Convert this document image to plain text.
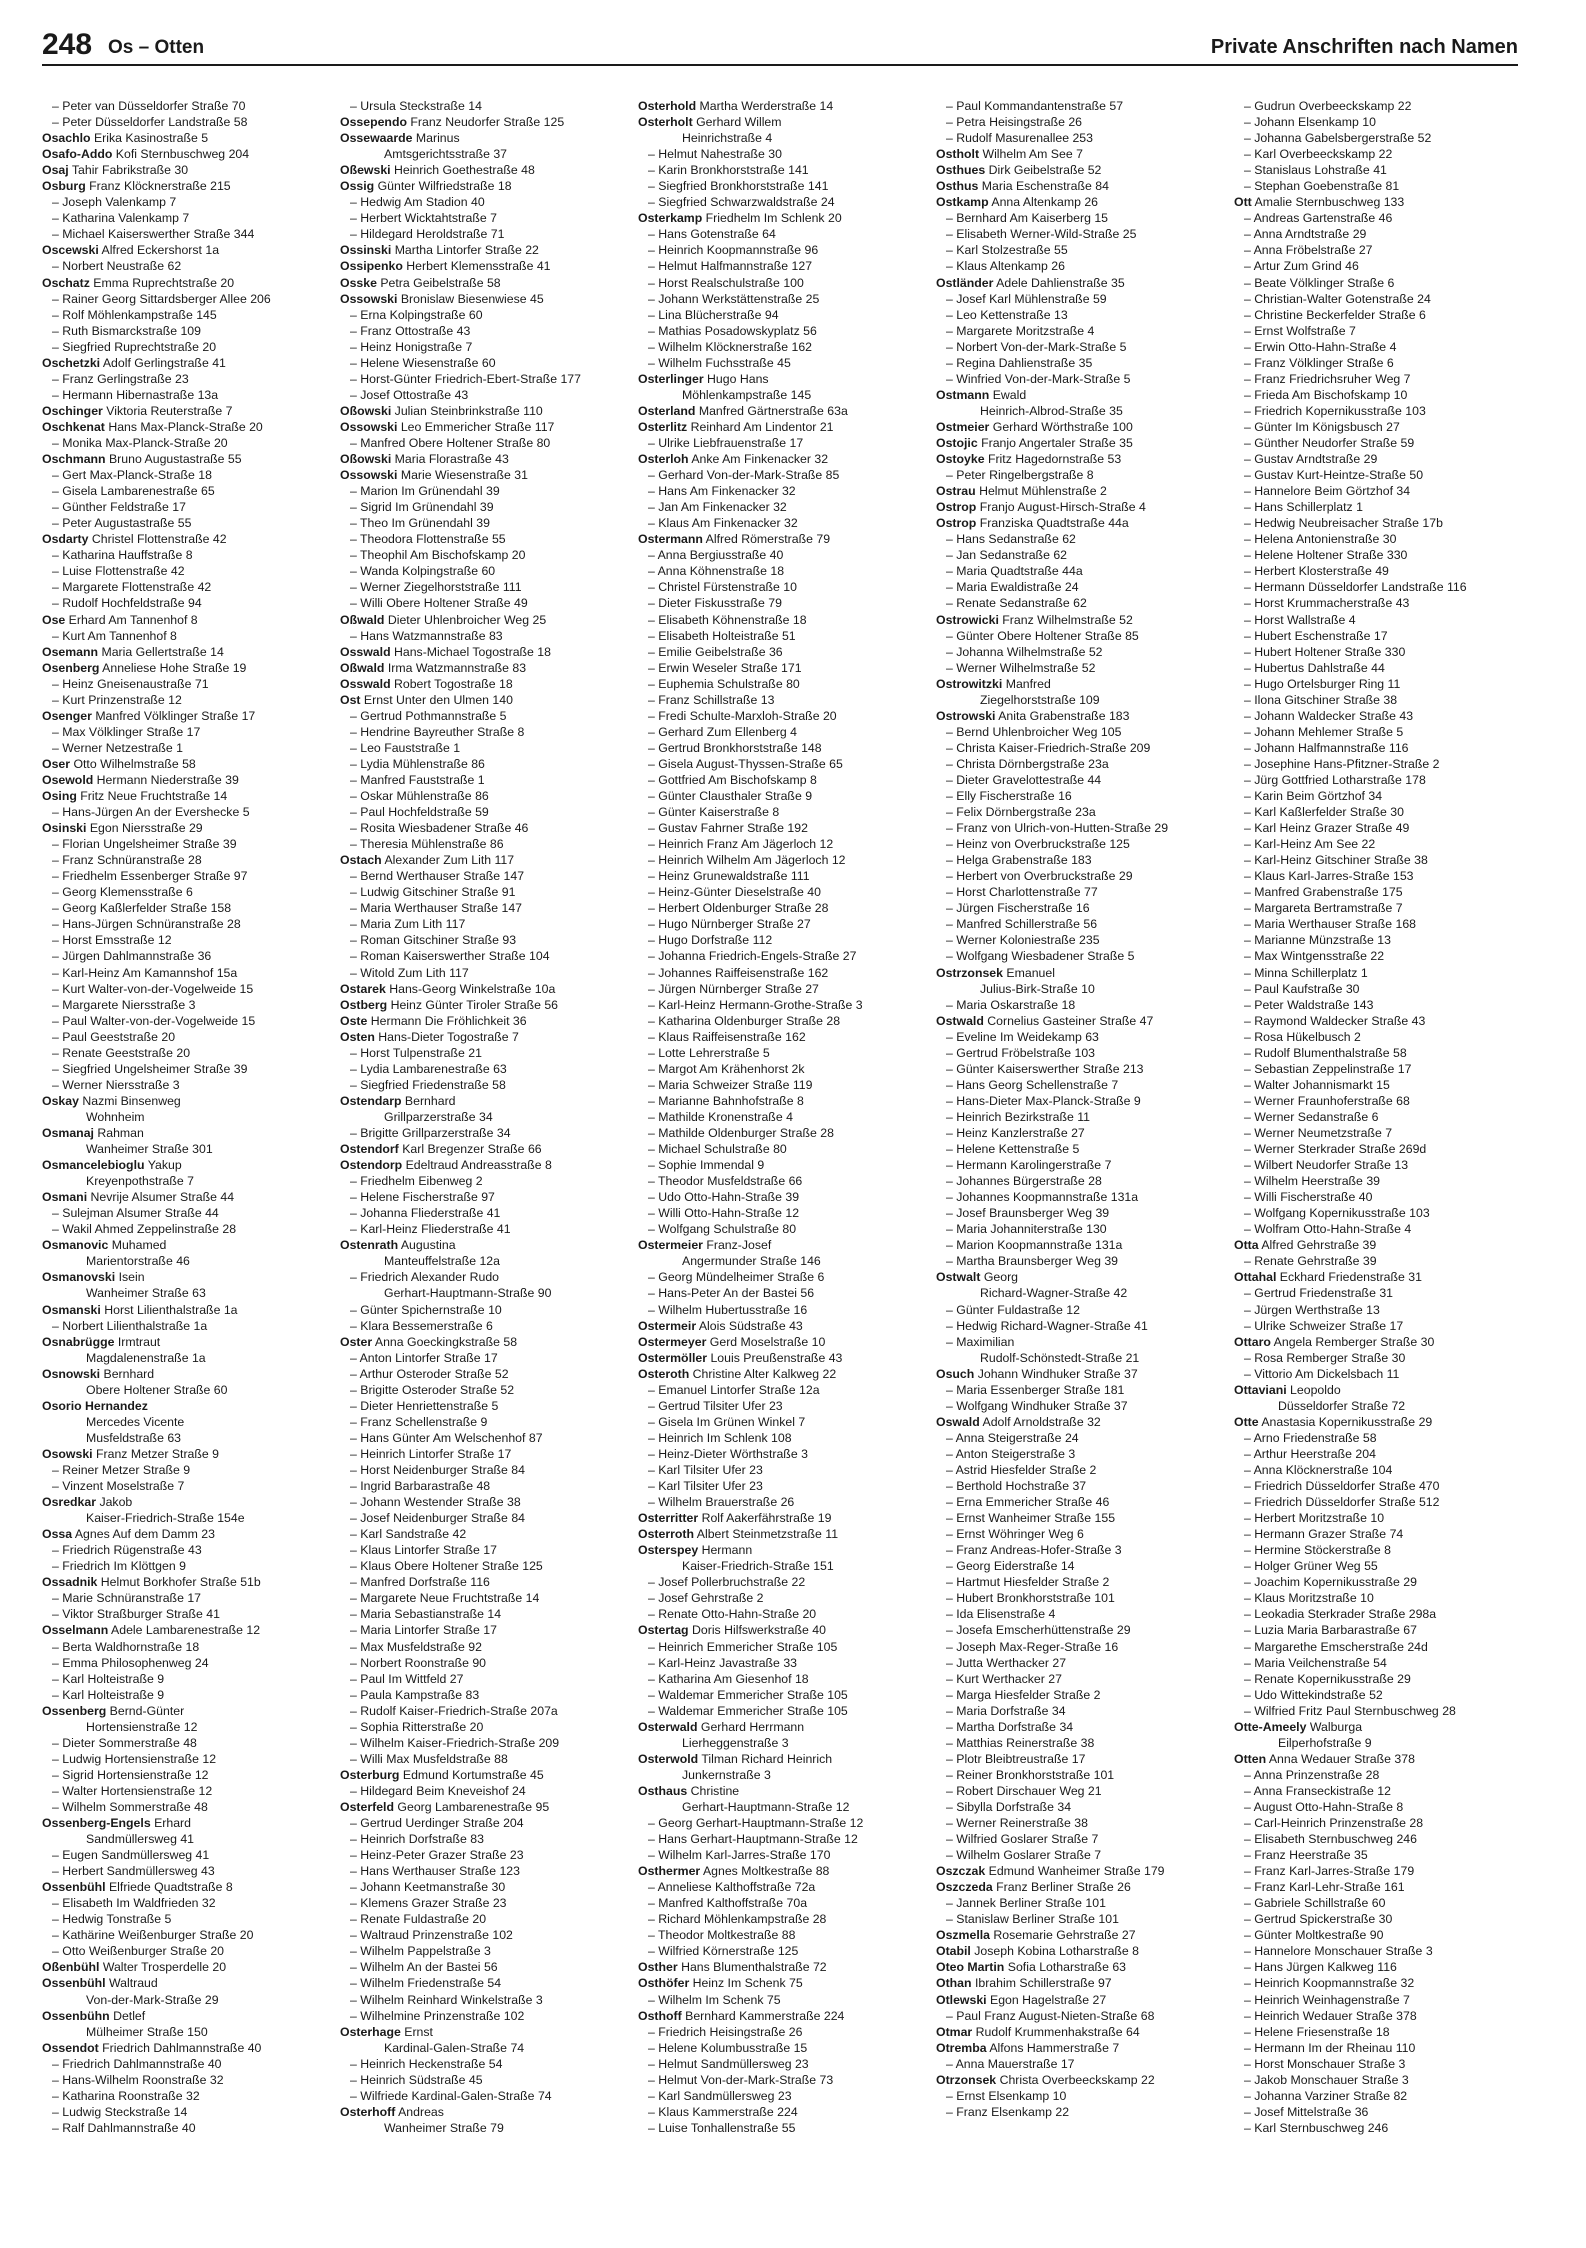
248 Os – Otten	Private Anschriften nach Namen
– Peter van Düsseldorfer Straße 70
– Peter Düsseldorfer Landstraße 58
Osachlo Erika Kasinostraße 5
Osafo-Addo Kofi Sternbuschweg 204
Osaj Tahir Fabrikstraße 30
Osburg Franz Klöcknerstraße 215
– Joseph Valenkamp 7
– Katharina Valenkamp 7
– Michael Kaiserswerther Straße 344
Oscewski Alfred Eckershorst 1a
– Norbert Neustraße 62
Oschatz Emma Ruprechtstraße 20
– Rainer Georg Sittardsberger Allee 206
– Rolf Möhlenkampstraße 145
– Ruth Bismarckstraße 109
– Siegfried Ruprechtstraße 20
Oschetzki Adolf Gerlingstraße 41
– Franz Gerlingstraße 23
– Hermann Hibernastraße 13a
Oschinger Viktoria Reuterstraße 7
Oschkenat Hans Max-Planck-Straße 20
– Monika Max-Planck-Straße 20
Oschmann Bruno Augustastraße 55
– Gert Max-Planck-Straße 18
– Gisela Lambarenestraße 65
– Günther Feldstraße 17
– Peter Augustastraße 55
Osdarty Christel Flottenstraße 42
– Katharina Hauffstraße 8
– Luise Flottenstraße 42
– Margarete Flottenstraße 42
– Rudolf Hochfeldstraße 94
Ose Erhard Am Tannenhof 8
– Kurt Am Tannenhof 8
Osemann Maria Gellertstraße 14
Osenberg Anneliese Hohe Straße 19
– Heinz Gneisenaustraße 71
– Kurt Prinzenstraße 12
Osenger Manfred Völklinger Straße 17
– Max Völklinger Straße 17
– Werner Netzestraße 1
Oser Otto Wilhelmstraße 58
Osewold Hermann Niederstraße 39
Osing Fritz Neue Fruchtstraße 14
– Hans-Jürgen An der Evershecke 5
Osinski Egon Niersstraße 29
– Florian Ungelsheimer Straße 39
– Franz Schnüranstraße 28
– Friedhelm Essenberger Straße 97
– Georg Klemensstraße 6
– Georg Kaßlerfelder Straße 158
– Hans-Jürgen Schnüranstraße 28
– Horst Emsstraße 12
– Jürgen Dahlmannstraße 36
– Karl-Heinz Am Kamannshof 15a
– Kurt Walter-von-der-Vogelweide 15
– Margarete Niersstraße 3
– Paul Walter-von-der-Vogelweide 15
– Paul Geeststraße 20
– Renate Geeststraße 20
– Siegfried Ungelsheimer Straße 39
– Werner Niersstraße 3
Oskay Nazmi Binsenweg
Wohnheim
Osmanaj Rahman
Wanheimer Straße 301
Osmancelebioglu Yakup
Kreyenpothstraße 7
Osmani Nevrije Alsumer Straße 44
– Sulejman Alsumer Straße 44
– Wakil Ahmed Zeppelinstraße 28
Osmanovic Muhamed
Marientorstraße 46
Osmanovski Isein
Wanheimer Straße 63
Osmanski Horst Lilienthalstraße 1a
– Norbert Lilienthalstraße 1a
Osnabrügge Irmtraut
Magdalenenstraße 1a
Osnowski Bernhard
Obere Holtener Straße 60
Osorio Hernandez
Mercedes Vicente
Musfeldstraße 63
Osowski Franz Metzer Straße 9
– Reiner Metzer Straße 9
– Vinzent Moselstraße 7
Osredkar Jakob
Kaiser-Friedrich-Straße 154e
Ossa Agnes Auf dem Damm 23
– Friedrich Rügenstraße 43
– Friedrich Im Klöttgen 9
Ossadnik Helmut Borkhofer Straße 51b
– Marie Schnüranstraße 17
– Viktor Straßburger Straße 41
Osselmann Adele Lambarenestraße 12
– Berta Waldhornstraße 18
– Emma Philosophenweg 24
– Karl Holteistraße 9
– Karl Holteistraße 9
Ossenberg Bernd-Günter
Hortensienstraße 12
– Dieter Sommerstraße 48
– Ludwig Hortensienstraße 12
– Sigrid Hortensienstraße 12
– Walter Hortensienstraße 12
– Wilhelm Sommerstraße 48
Ossenberg-Engels Erhard
Sandmüllersweg 41
– Eugen Sandmüllersweg 41
– Herbert Sandmüllersweg 43
Ossenbühl Elfriede Quadtstraße 8
– Elisabeth Im Waldfrieden 32
– Hedwig Tonstraße 5
– Kathärine Weißenburger Straße 20
– Otto Weißenburger Straße 20
Oßenbühl Walter Trosperdelle 20
Ossenbühl Waltraud
Von-der-Mark-Straße 29
Ossenbühn Detlef
Mülheimer Straße 150
Ossendot Friedrich Dahlmannstraße 40
– Friedrich Dahlmannstraße 40
– Hans-Wilhelm Roonstraße 32
– Katharina Roonstraße 32
– Ludwig Steckstraße 14
– Ralf Dahlmannstraße 40
– Ursula Steckstraße 14
Ossependo Franz Neudorfer Straße 125
Ossewaarde Marinus
Amtsgerichtsstraße 37
Oßewski Heinrich Goethestraße 48
Ossig Günter Wilfriedstraße 18
– Hedwig Am Stadion 40
– Herbert Wicktahtstraße 7
– Hildegard Heroldstraße 71
Ossinski Martha Lintorfer Straße 22
Ossipenko Herbert Klemensstraße 41
Osske Petra Geibelstraße 58
Ossowski Bronislaw Biesenwiese 45
– Erna Kolpingstraße 60
– Franz Ottostraße 43
– Heinz Honigstraße 7
– Helene Wiesenstraße 60
– Horst-Günter Friedrich-Ebert-Straße 177
– Josef Ottostraße 43
Oßowski Julian Steinbrinkstraße 110
Ossowski Leo Emmericher Straße 117
– Manfred Obere Holtener Straße 80
Oßowski Maria Florastraße 43
Ossowski Marie Wiesenstraße 31
– Marion Im Grünendahl 39
– Sigrid Im Grünendahl 39
– Theo Im Grünendahl 39
– Theodora Flottenstraße 55
– Theophil Am Bischofskamp 20
– Wanda Kolpingstraße 60
– Werner Ziegelhorststraße 111
– Willi Obere Holtener Straße 49
Oßwald Dieter Uhlenbroicher Weg 25
– Hans Watzmannstraße 83
Osswald Hans-Michael Togostraße 18
Oßwald Irma Watzmannstraße 83
Osswald Robert Togostraße 18
Ost Ernst Unter den Ulmen 140
– Gertrud Pothmannstraße 5
– Hendrine Bayreuther Straße 8
– Leo Fauststraße 1
– Lydia Mühlenstraße 86
– Manfred Fauststraße 1
– Oskar Mühlenstraße 86
– Paul Hochfeldstraße 59
– Rosita Wiesbadener Straße 46
– Theresia Mühlenstraße 86
Ostach Alexander Zum Lith 117
– Bernd Werthauser Straße 147
– Ludwig Gitschiner Straße 91
– Maria Werthauser Straße 147
– Maria Zum Lith 117
– Roman Gitschiner Straße 93
– Roman Kaiserswerther Straße 104
– Witold Zum Lith 117
Ostarek Hans-Georg Winkelstraße 10a
Ostberg Heinz Günter Tiroler Straße 56
Oste Hermann Die Fröhlichkeit 36
Osten Hans-Dieter Togostraße 7
– Horst Tulpenstraße 21
– Lydia Lambarenestraße 63
– Siegfried Friedenstraße 58
Ostendarp Bernhard
Grillparzerstraße 34
– Brigitte Grillparzerstraße 34
Ostendorf Karl Bregenzer Straße 66
Ostendorp Edeltraud Andreasstraße 8
– Friedhelm Eibenweg 2
– Helene Fischerstraße 97
– Johanna Fliederstraße 41
– Karl-Heinz Fliederstraße 41
Ostenrath Augustina
Manteuffelstraße 12a
– Friedrich Alexander Rudo
Gerhart-Hauptmann-Straße 90
– Günter Spichernstraße 10
– Klara Bessemerstraße 6
Oster Anna Goeckingkstraße 58
– Anton Lintorfer Straße 17
– Arthur Osteroder Straße 52
– Brigitte Osteroder Straße 52
– Dieter Henriettenstraße 5
– Franz Schellenstraße 9
– Hans Günter Am Welschenhof 87
– Heinrich Lintorfer Straße 17
– Horst Neidenburger Straße 84
– Ingrid Barbarastraße 48
– Johann Westender Straße 38
– Josef Neidenburger Straße 84
– Karl Sandstraße 42
– Klaus Lintorfer Straße 17
– Klaus Obere Holtener Straße 125
– Manfred Dorfstraße 116
– Margarete Neue Fruchtstraße 14
– Maria Sebastianstraße 14
– Maria Lintorfer Straße 17
– Max Musfeldstraße 92
– Norbert Roonstraße 90
– Paul Im Wittfeld 27
– Paula Kampstraße 83
– Rudolf Kaiser-Friedrich-Straße 207a
– Sophia Ritterstraße 20
– Wilhelm Kaiser-Friedrich-Straße 209
– Willi Max Musfeldstraße 88
Osterburg Edmund Kortumstraße 45
– Hildegard Beim Kneveishof 24
Osterfeld Georg Lambarenestraße 95
– Gertrud Uerdinger Straße 204
– Heinrich Dorfstraße 83
– Heinz-Peter Grazer Straße 23
– Hans Werthauser Straße 123
– Johann Keetmanstraße 30
– Klemens Grazer Straße 23
– Renate Fuldastraße 20
– Waltraud Prinzenstraße 102
– Wilhelm Pappelstraße 3
– Wilhelm An der Bastei 56
– Wilhelm Friedenstraße 54
– Wilhelm Reinhard Winkelstraße 3
– Wilhelmine Prinzenstraße 102
Osterhage Ernst
Kardinal-Galen-Straße 74
– Heinrich Heckenstraße 54
– Heinrich Südstraße 45
– Wilfriede Kardinal-Galen-Straße 74
Osterhoff Andreas
Wanheimer Straße 79
Osterhold Martha Werderstraße 14
Osterholt Gerhard Willem
Heinrichstraße 4
– Helmut Nahestraße 30
– Karin Bronkhorststraße 141
– Siegfried Bronkhorststraße 141
– Siegfried Schwarzwaldstraße 24
Osterkamp Friedhelm Im Schlenk 20
– Hans Gotenstraße 64
– Heinrich Koopmannstraße 96
– Helmut Halfmannstraße 127
– Horst Realschulstraße 100
– Johann Werkstättenstraße 25
– Lina Blücherstraße 94
– Mathias Posadowskyplatz 56
– Wilhelm Klöcknerstraße 162
– Wilhelm Fuchsstraße 45
Osterlinger Hugo Hans
Möhlenkampstraße 145
Osterland Manfred Gärtnerstraße 63a
Osterlitz Reinhard Am Lindentor 21
– Ulrike Liebfrauenstraße 17
Osterloh Anke Am Finkenacker 32
– Gerhard Von-der-Mark-Straße 85
– Hans Am Finkenacker 32
– Jan Am Finkenacker 32
– Klaus Am Finkenacker 32
Ostermann Alfred Römerstraße 79
– Anna Bergiusstraße 40
– Anna Köhnenstraße 18
– Christel Fürstenstraße 10
– Dieter Fiskusstraße 79
– Elisabeth Köhnenstraße 18
– Elisabeth Holteistraße 51
– Emilie Geibelstraße 36
– Erwin Weseler Straße 171
– Euphemia Schulstraße 80
– Franz Schillstraße 13
– Fredi Schulte-Marxloh-Straße 20
– Gerhard Zum Ellenberg 4
– Gertrud Bronkhorststraße 148
– Gisela August-Thyssen-Straße 65
– Gottfried Am Bischofskamp 8
– Günter Clausthaler Straße 9
– Günter Kaiserstraße 8
– Gustav Fahrner Straße 192
– Heinrich Franz Am Jägerloch 12
– Heinrich Wilhelm Am Jägerloch 12
– Heinz Grunewaldstraße 111
– Heinz-Günter Dieselstraße 40
– Herbert Oldenburger Straße 28
– Hugo Nürnberger Straße 27
– Hugo Dorfstraße 112
– Johanna Friedrich-Engels-Straße 27
– Johannes Raiffeisenstraße 162
– Jürgen Nürnberger Straße 27
– Karl-Heinz Hermann-Grothe-Straße 3
– Katharina Oldenburger Straße 28
– Klaus Raiffeisenstraße 162
– Lotte Lehrerstraße 5
– Margot Am Krähenhorst 2k
– Maria Schweizer Straße 119
– Marianne Bahnhofstraße 8
– Mathilde Kronenstraße 4
– Mathilde Oldenburger Straße 28
– Michael Schulstraße 80
– Sophie Immendal 9
– Theodor Musfeldstraße 66
– Udo Otto-Hahn-Straße 39
– Willi Otto-Hahn-Straße 12
– Wolfgang Schulstraße 80
Ostermeier Franz-Josef
Angermunder Straße 146
– Georg Mündelheimer Straße 6
– Hans-Peter An der Bastei 56
– Wilhelm Hubertusstraße 16
Ostermeir Alois Südstraße 43
Ostermeyer Gerd Moselstraße 10
Ostermöller Louis Preußenstraße 43
Osteroth Christine Alter Kalkweg 22
– Emanuel Lintorfer Straße 12a
– Gertrud Tilsiter Ufer 23
– Gisela Im Grünen Winkel 7
– Heinrich Im Schlenk 108
– Heinz-Dieter Wörthstraße 3
– Karl Tilsiter Ufer 23
– Karl Tilsiter Ufer 23
– Wilhelm Brauerstraße 26
Osterritter Rolf Aakerfährstraße 19
Osterroth Albert Steinmetzstraße 11
Osterspey Hermann
Kaiser-Friedrich-Straße 151
– Josef Pollerbruchstraße 22
– Josef Gehrstraße 2
– Renate Otto-Hahn-Straße 20
Ostertag Doris Hilfswerkstraße 40
– Heinrich Emmericher Straße 105
– Karl-Heinz Javastraße 33
– Katharina Am Giesenhof 18
– Waldemar Emmericher Straße 105
– Waldemar Emmericher Straße 105
Osterwald Gerhard Herrmann
Lierheggenstraße 3
Osterwold Tilman Richard Heinrich
Junkernstraße 3
Osthaus Christine
Gerhart-Hauptmann-Straße 12
– Georg Gerhart-Hauptmann-Straße 12
– Hans Gerhart-Hauptmann-Straße 12
– Wilhelm Karl-Jarres-Straße 170
Osthermer Agnes Moltkestraße 88
– Anneliese Kalthoffstraße 72a
– Manfred Kalthoffstraße 70a
– Richard Möhlenkampstraße 28
– Theodor Moltkestraße 88
– Wilfried Körnerstraße 125
Osther Hans Blumenthalstraße 72
Osthöfer Heinz Im Schenk 75
– Wilhelm Im Schenk 75
Osthoff Bernhard Kammerstraße 224
– Friedrich Heisingstraße 26
– Helene Kolumbusstraße 15
– Helmut Sandmüllersweg 23
– Helmut Von-der-Mark-Straße 73
– Karl Sandmüllersweg 23
– Klaus Kammerstraße 224
– Luise Tonhallenstraße 55
– Paul Kommandantenstraße 57
– Petra Heisingstraße 26
– Rudolf Masurenallee 253
Ostholt Wilhelm Am See 7
Osthues Dirk Geibelstraße 52
Osthus Maria Eschenstraße 84
Ostkamp Anna Altenkamp 26
– Bernhard Am Kaiserberg 15
– Elisabeth Werner-Wild-Straße 25
– Karl Stolzestraße 55
– Klaus Altenkamp 26
Ostländer Adele Dahlienstraße 35
– Josef Karl Mühlenstraße 59
– Leo Kettenstraße 13
– Margarete Moritzstraße 4
– Norbert Von-der-Mark-Straße 5
– Regina Dahlienstraße 35
– Winfried Von-der-Mark-Straße 5
Ostmann Ewald
Heinrich-Albrod-Straße 35
Ostmeier Gerhard Wörthstraße 100
Ostojic Franjo Angertaler Straße 35
Ostoyke Fritz Hagedornstraße 53
– Peter Ringelbergstraße 8
Ostrau Helmut Mühlenstraße 2
Ostrop Franjo August-Hirsch-Straße 4
Ostrop Franziska Quadtstraße 44a
– Hans Sedanstraße 62
– Jan Sedanstraße 62
– Maria Quadtstraße 44a
– Maria Ewaldistraße 24
– Renate Sedanstraße 62
Ostrowicki Franz Wilhelmstraße 52
– Günter Obere Holtener Straße 85
– Johanna Wilhelmstraße 52
– Werner Wilhelmstraße 52
Ostrowitzki Manfred
Ziegelhorststraße 109
Ostrowski Anita Grabenstraße 183
– Bernd Uhlenbroicher Weg 105
– Christa Kaiser-Friedrich-Straße 209
– Christa Dörnbergstraße 23a
– Dieter Gravelottestraße 44
– Elly Fischerstraße 16
– Felix Dörnbergstraße 23a
– Franz von Ulrich-von-Hutten-Straße 29
– Heinz von Overbruckstraße 125
– Helga Grabenstraße 183
– Herbert von Overbruckstraße 29
– Horst Charlottenstraße 77
– Jürgen Fischerstraße 16
– Manfred Schillerstraße 56
– Werner Koloniestraße 235
– Wolfgang Wiesbadener Straße 5
Ostrzonsek Emanuel
Julius-Birk-Straße 10
– Maria Oskarstraße 18
Ostwald Cornelius Gasteiner Straße 47
– Eveline Im Weidekamp 63
– Gertrud Fröbelstraße 103
– Günter Kaiserswerther Straße 213
– Hans Georg Schellenstraße 7
– Hans-Dieter Max-Planck-Straße 9
– Heinrich Bezirkstraße 11
– Heinz Kanzlerstraße 27
– Helene Kettenstraße 5
– Hermann Karolingerstraße 7
– Johannes Bürgerstraße 28
– Johannes Koopmannstraße 131a
– Josef Braunsberger Weg 39
– Maria Johanniterstraße 130
– Marion Koopmannstraße 131a
– Martha Braunsberger Weg 39
Ostwalt Georg
Richard-Wagner-Straße 42
– Günter Fuldastraße 12
– Hedwig Richard-Wagner-Straße 41
– Maximilian
Rudolf-Schönstedt-Straße 21
Osuch Johann Windhuker Straße 37
– Maria Essenberger Straße 181
– Wolfgang Windhuker Straße 37
Oswald Adolf Arnoldstraße 32
– Anna Steigerstraße 24
– Anton Steigerstraße 3
– Astrid Hiesfelder Straße 2
– Berthold Hochstraße 37
– Erna Emmericher Straße 46
– Ernst Wanheimer Straße 155
– Ernst Wöhringer Weg 6
– Franz Andreas-Hofer-Straße 3
– Georg Eiderstraße 14
– Hartmut Hiesfelder Straße 2
– Hubert Bronkhorststraße 101
– Ida Elisenstraße 4
– Josefa Emscherhüttenstraße 29
– Joseph Max-Reger-Straße 16
– Jutta Werthacker 27
– Kurt Werthacker 27
– Marga Hiesfelder Straße 2
– Maria Dorfstraße 34
– Martha Dorfstraße 34
– Matthias Reinerstraße 38
– Plotr Bleibtreustraße 17
– Reiner Bronkhorststraße 101
– Robert Dirschauer Weg 21
– Sibylla Dorfstraße 34
– Werner Reinerstraße 38
– Wilfried Goslarer Straße 7
– Wilhelm Goslarer Straße 7
Oszczak Edmund Wanheimer Straße 179
Oszczeda Franz Berliner Straße 26
– Jannek Berliner Straße 101
– Stanislaw Berliner Straße 101
Oszmella Rosemarie Gehrstraße 27
Otabil Joseph Kobina Lotharstraße 8
Oteo Martin Sofia Lotharstraße 63
Othan Ibrahim Schillerstraße 97
Otlewski Egon Hagelstraße 27
– Paul Franz August-Nieten-Straße 68
Otmar Rudolf Krummenhakstraße 64
Otremba Alfons Hammerstraße 7
– Anna Mauerstraße 17
Otrzonsek Christa Overbeeckskamp 22
– Ernst Elsenkamp 10
– Franz Elsenkamp 22
– Gudrun Overbeeckskamp 22
– Johann Elsenkamp 10
– Johanna Gabelsbergerstraße 52
– Karl Overbeeckskamp 22
– Stanislaus Lohstraße 41
– Stephan Goebenstraße 81
Ott Amalie Sternbuschweg 133
– Andreas Gartenstraße 46
– Anna Arndtstraße 29
– Anna Fröbelstraße 27
– Artur Zum Grind 46
– Beate Völklinger Straße 6
– Christian-Walter Gotenstraße 24
– Christine Beckerfelder Straße 6
– Ernst Wolfstraße 7
– Erwin Otto-Hahn-Straße 4
– Franz Völklinger Straße 6
– Franz Friedrichsruher Weg 7
– Frieda Am Bischofskamp 10
– Friedrich Kopernikusstraße 103
– Günter Im Königsbusch 27
– Günther Neudorfer Straße 59
– Gustav Arndtstraße 29
– Gustav Kurt-Heintze-Straße 50
– Hannelore Beim Görtzhof 34
– Hans Schillerplatz 1
– Hedwig Neubreisacher Straße 17b
– Helena Antonienstraße 30
– Helene Holtener Straße 330
– Herbert Klosterstraße 49
– Hermann Düsseldorfer Landstraße 116
– Horst Krummacherstraße 43
– Horst Wallstraße 4
– Hubert Eschenstraße 17
– Hubert Holtener Straße 330
– Hubertus Dahlstraße 44
– Hugo Ortelsburger Ring 11
– Ilona Gitschiner Straße 38
– Johann Waldecker Straße 43
– Johann Mehlemer Straße 5
– Johann Halfmannstraße 116
– Josephine Hans-Pfitzner-Straße 2
– Jürg Gottfried Lotharstraße 178
– Karin Beim Görtzhof 34
– Karl Kaßlerfelder Straße 30
– Karl Heinz Grazer Straße 49
– Karl-Heinz Am See 22
– Karl-Heinz Gitschiner Straße 38
– Klaus Karl-Jarres-Straße 153
– Manfred Grabenstraße 175
– Margareta Bertramstraße 7
– Maria Werthauser Straße 168
– Marianne Münzstraße 13
– Max Wintgensstraße 22
– Minna Schillerplatz 1
– Paul Kaufstraße 30
– Peter Waldstraße 143
– Raymond Waldecker Straße 43
– Rosa Hükelbusch 2
– Rudolf Blumenthalstraße 58
– Sebastian Zeppelinstraße 17
– Walter Johannismarkt 15
– Werner Fraunhoferstraße 68
– Werner Sedanstraße 6
– Werner Neumetzstraße 7
– Werner Sterkrader Straße 269d
– Wilbert Neudorfer Straße 13
– Wilhelm Heerstraße 39
– Willi Fischerstraße 40
– Wolfgang Kopernikusstraße 103
– Wolfram Otto-Hahn-Straße 4
Otta Alfred Gehrstraße 39
– Renate Gehrstraße 39
Ottahal Eckhard Friedenstraße 31
– Gertrud Friedenstraße 31
– Jürgen Werthstraße 13
– Ulrike Schweizer Straße 17
Ottaro Angela Remberger Straße 30
– Rosa Remberger Straße 30
– Vittorio Am Dickelsbach 11
Ottaviani Leopoldo
Düsseldorfer Straße 72
Otte Anastasia Kopernikusstraße 29
– Arno Friedenstraße 58
– Arthur Heerstraße 204
– Anna Klöcknerstraße 104
– Friedrich Düsseldorfer Straße 470
– Friedrich Düsseldorfer Straße 512
– Herbert Moritzstraße 10
– Hermann Grazer Straße 74
– Hermine Stöckerstraße 8
– Holger Grüner Weg 55
– Joachim Kopernikusstraße 29
– Klaus Moritzstraße 10
– Leokadia Sterkrader Straße 298a
– Luzia Maria Barbarastraße 67
– Margarethe Emscherstraße 24d
– Maria Veilchenstraße 54
– Renate Kopernikusstraße 29
– Udo Wittekindstraße 52
– Wilfried Fritz Paul Sternbuschweg 28
Otte-Ameely Walburga
Eilperhofstraße 9
Otten Anna Wedauer Straße 378
– Anna Prinzenstraße 28
– Anna Franseckistraße 12
– August Otto-Hahn-Straße 8
– Carl-Heinrich Prinzenstraße 28
– Elisabeth Sternbuschweg 246
– Franz Heerstraße 35
– Franz Karl-Jarres-Straße 179
– Franz Karl-Lehr-Straße 161
– Gabriele Schillstraße 60
– Gertrud Spickerstraße 30
– Günter Moltkestraße 90
– Hannelore Monschauer Straße 3
– Hans Jürgen Kalkweg 116
– Heinrich Koopmannstraße 32
– Heinrich Weinhagenstraße 7
– Heinrich Wedauer Straße 378
– Helene Friesenstraße 18
– Hermann Im der Rheinau 110
– Horst Monschauer Straße 3
– Jakob Monschauer Straße 3
– Johanna Varziner Straße 82
– Josef Mittelstraße 36
– Karl Sternbuschweg 246
